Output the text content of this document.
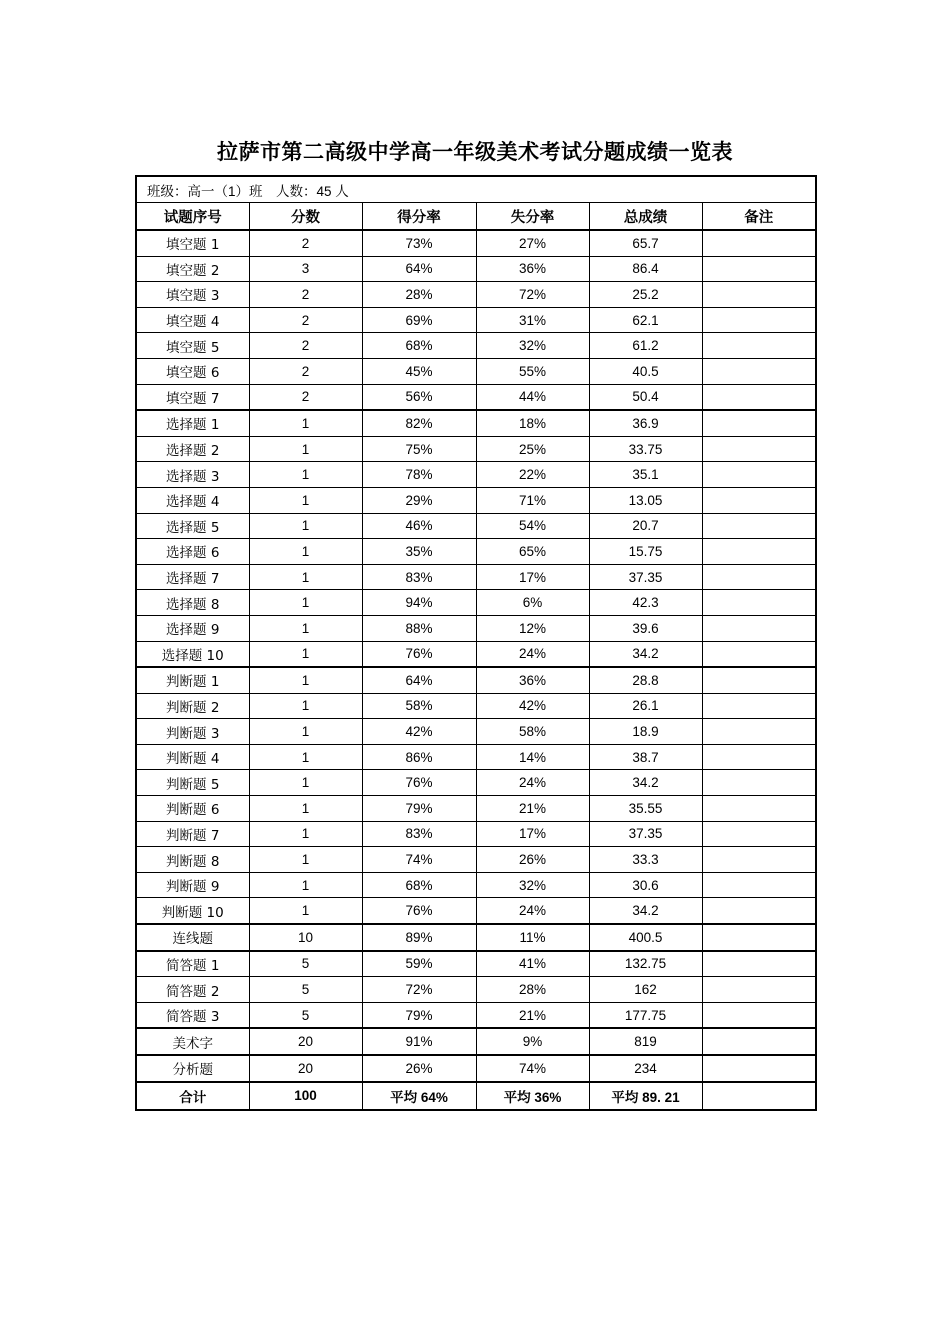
拉萨市第二高级中学高一年级美术考试分题成绩一览表
班级：高一（1）班　人数：45 人					
试题序号	分数	得分率	失分率	总成绩	备注
填空题 1	2	73%	27%	65.7	
填空题 2	3	64%	36%	86.4	
填空题 3	2	28%	72%	25.2	
填空题 4	2	69%	31%	62.1	
填空题 5	2	68%	32%	61.2	
填空题 6	2	45%	55%	40.5	
填空题 7	2	56%	44%	50.4	
选择题 1	1	82%	18%	36.9	
选择题 2	1	75%	25%	33.75	
选择题 3	1	78%	22%	35.1	
选择题 4	1	29%	71%	13.05	
选择题 5	1	46%	54%	20.7	
选择题 6	1	35%	65%	15.75	
选择题 7	1	83%	17%	37.35	
选择题 8	1	94%	6%	42.3	
选择题 9	1	88%	12%	39.6	
选择题 10	1	76%	24%	34.2	
判断题 1	1	64%	36%	28.8	
判断题 2	1	58%	42%	26.1	
判断题 3	1	42%	58%	18.9	
判断题 4	1	86%	14%	38.7	
判断题 5	1	76%	24%	34.2	
判断题 6	1	79%	21%	35.55	
判断题 7	1	83%	17%	37.35	
判断题 8	1	74%	26%	33.3	
判断题 9	1	68%	32%	30.6	
判断题 10	1	76%	24%	34.2	
连线题	10	89%	11%	400.5	
简答题 1	5	59%	41%	132.75	
简答题 2	5	72%	28%	162	
简答题 3	5	79%	21%	177.75	
美术字	20	91%	9%	819	
分析题	20	26%	74%	234	
合计	100	平均 64%	平均 36%	平均 89. 21	
